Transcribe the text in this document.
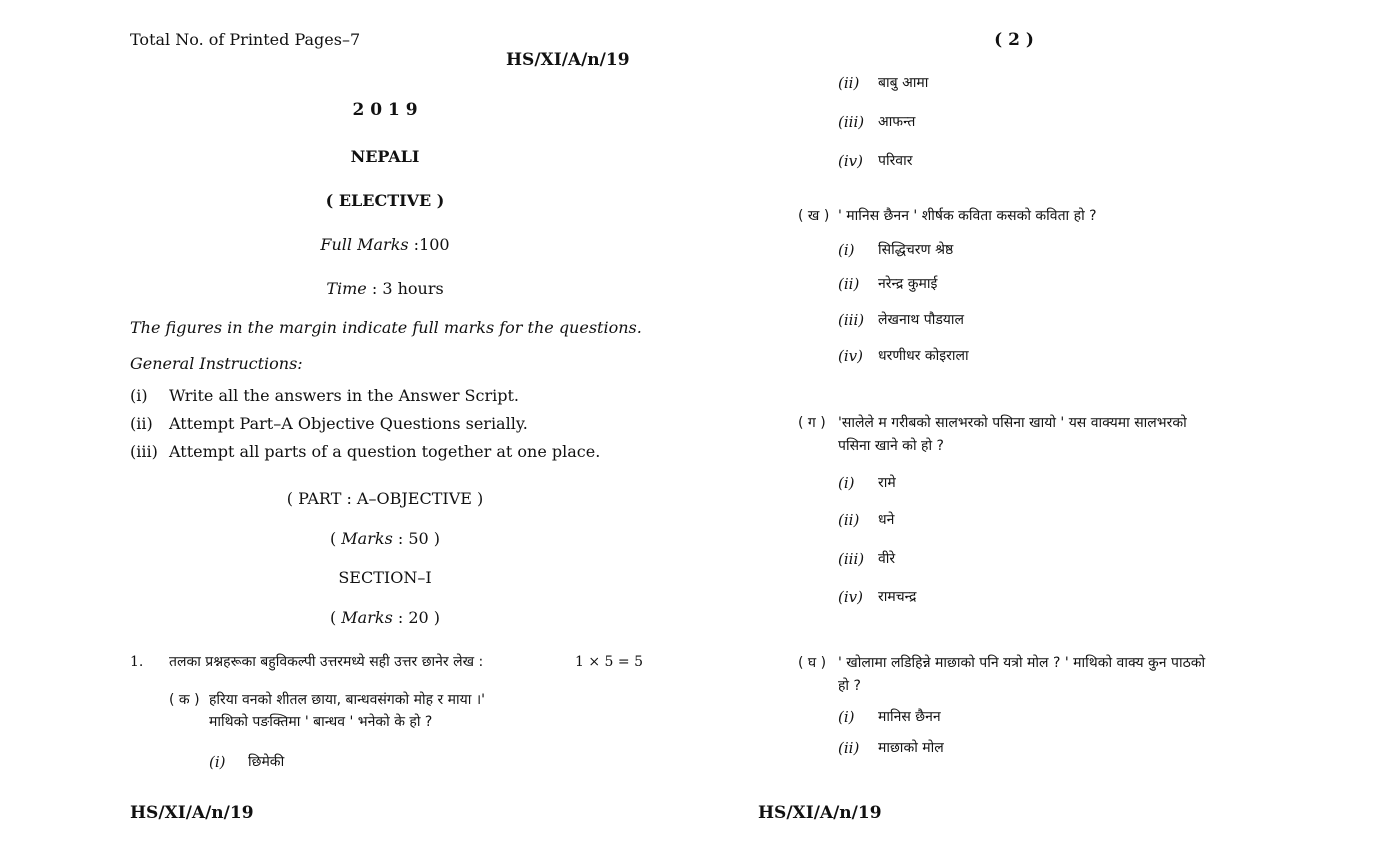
Total No. of Printed Pages–7
HS/XI/A/n/19
2 0 1 9
NEPALI
( ELECTIVE )
Full Marks :100
Time : 3 hours
The figures in the margin indicate full marks for the questions.
General Instructions:
(i) Write all the answers in the Answer Script.
(ii) Attempt Part–A Objective Questions serially.
(iii) Attempt all parts of a question together at one place.
( PART : A–OBJECTIVE )
( Marks : 50 )
SECTION–I
( Marks : 20 )
1. तलका प्रश्नहरूका बहुविकल्पी उत्तरमध्ये सही उत्तर छानेर लेख :	1 × 5 = 5
( क ) हरिया वनको शीतल छाया, बान्धवसंगको मोह र माया ।'
माथिको पङक्तिमा ' बान्धव ' भनेको के हो ?
(i) छिमेकी
HS/XI/A/n/19
( 2 )
(ii) बाबु आमा
(iii) आफन्त
(iv) परिवार
( ख ) ' मानिस छैनन ' शीर्षक कविता कसको कविता हो ?
(i) सिद्धिचरण श्रेष्ठ
(ii) नरेन्द्र कुमाई
(iii) लेखनाथ पौडयाल
(iv) धरणीधर कोइराला
( ग ) 'सालेले म गरीबको सालभरको पसिना खायो ' यस वाक्यमा सालभरको
पसिना खाने को हो ?
(i) रामे
(ii) धने
(iii) वीरे
(iv) रामचन्द्र
( घ ) ' खोलामा लडिहिन्ने माछाको पनि यत्रो मोल ? ' माथिको वाक्य कुन पाठको
हो ?
(i) मानिस छैनन
(ii) माछाको मोल
HS/XI/A/n/19
